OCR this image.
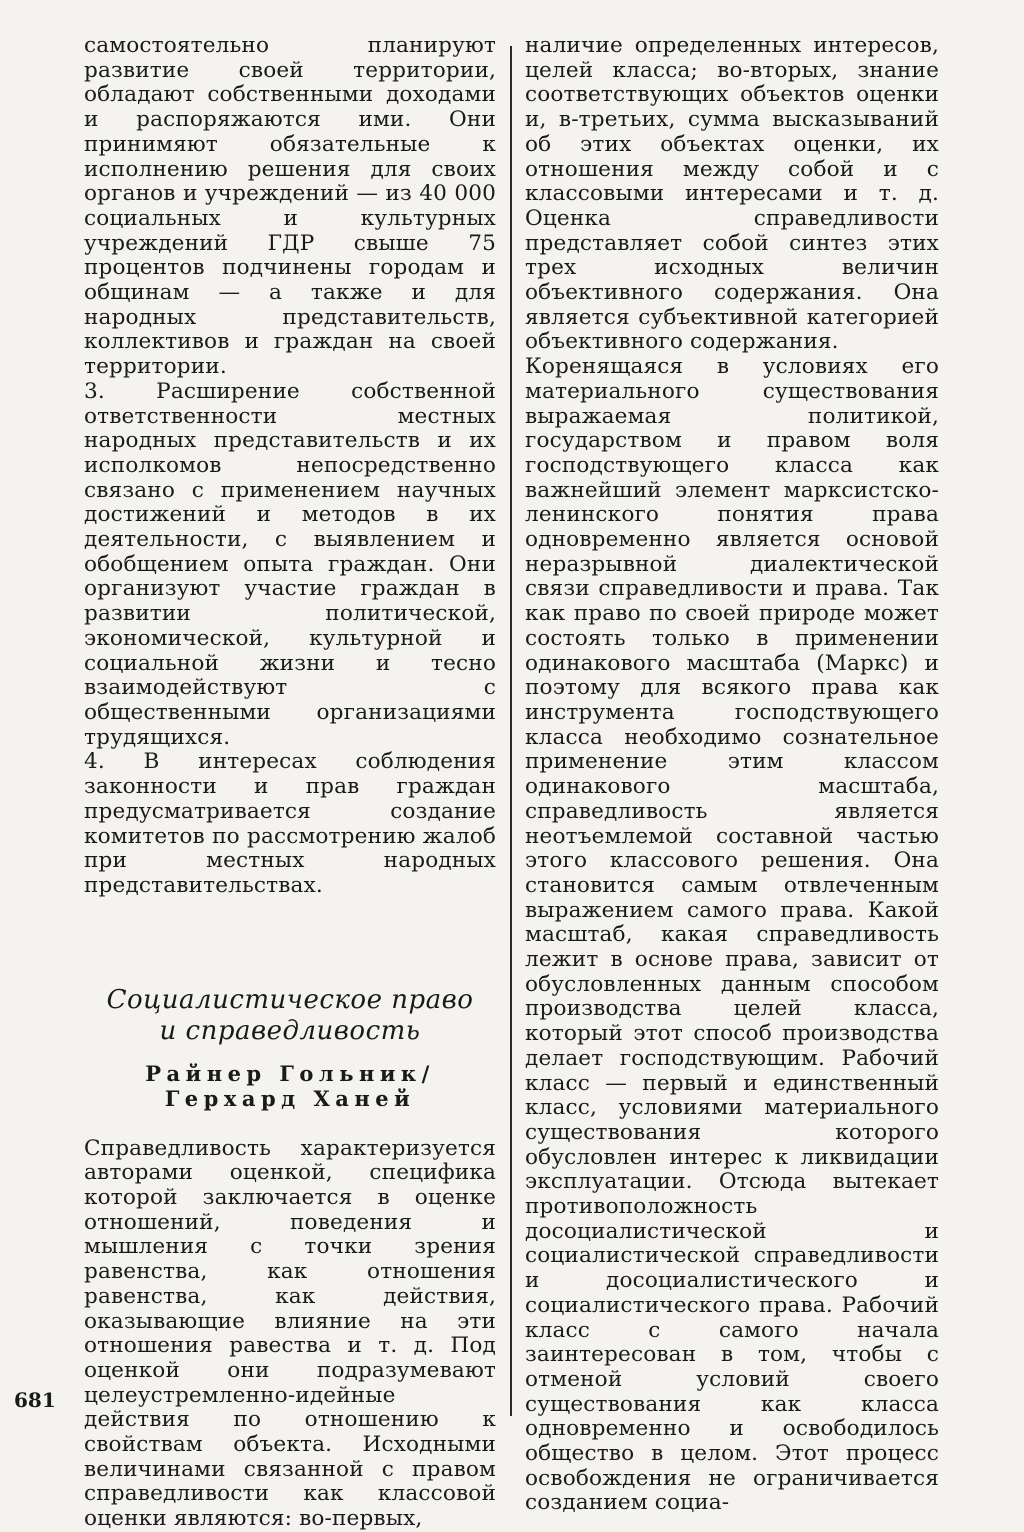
самостоятельно планируют развитие своей территории, обладают собственными доходами и распоряжаются ими. Они принимяют обязательные к исполнению решения для своих органов и учреждений — из 40 000 социальных и культурных учреждений ГДР свыше 75 процентов подчинены городам и общинам — а также и для народных представительств, коллективов и граждан на своей территории.

3. Расширение собственной ответственности местных народных представительств и их исполкомов непосредственно связано с применением научных достижений и методов в их деятельности, с выявлением и обобщением опыта граждан. Они организуют участие граждан в развитии политической, экономической, культурной и социальной жизни и тесно взаимодействуют с общественными организациями трудящихся.

4. В интересах соблюдения законности и прав граждан предусматривается создание комитетов по рассмотрению жалоб при местных народных представительствах.

Социалистическое право

и справедливость

Райнер Гольник/
Герхард Ханей

Справедливость характеризуется авторами оценкой, специфика которой заключается в оценке отношений, поведения и мышления с точки зрения равенства, как отношения равенства, как действия, оказывающие влияние на эти отношения равества и т. д. Под оценкой они подразумевают целеустремленно-идейные действия по отношению к свойствам объекта. Исходными величинами связанной с правом справедливости как классовой оценки являются: во-первых,

наличие определенных интересов, целей класса; во-вторых, знание соответствующих объектов оценки и, в-третьих, сумма высказываний об этих объектах оценки, их отношения между собой и с классовыми интересами и т. д. Оценка справедливости представляет собой синтез этих трех исходных величин объективного содержания. Она является субъективной категорией объективного содержания.

Коренящаяся в условиях его материального существования выражаемая политикой, государством и правом воля господствующего класса как важнейший элемент марксистско-ленинского понятия права одновременно является основой неразрывной диалектической связи справедливости и права. Так как право по своей природе может состоять только в применении одинакового масштаба (Маркс) и поэтому для всякого права как инструмента господствующего класса необходимо сознательное применение этим классом одинакового масштаба, справедливость является неотъемлемой составной частью этого классового решения. Она становится самым отвлеченным выражением самого права. Какой масштаб, какая справедливость лежит в основе права, зависит от обусловленных данным способом производства целей класса, который этот способ производства делает господствующим. Рабочий класс — первый и единственный класс, условиями материального существования которого обусловлен интерес к ликвидации эксплуатации. Отсюда вытекает противоположность досоциалистической и социалистической справедливости и досоциалистического и социалистического права. Рабочий класс с самого начала заинтересован в том, чтобы с отменой условий своего существования как класса одновременно и освободилось общество в целом. Этот процесс освобождения не ограничивается созданием социа-

681
